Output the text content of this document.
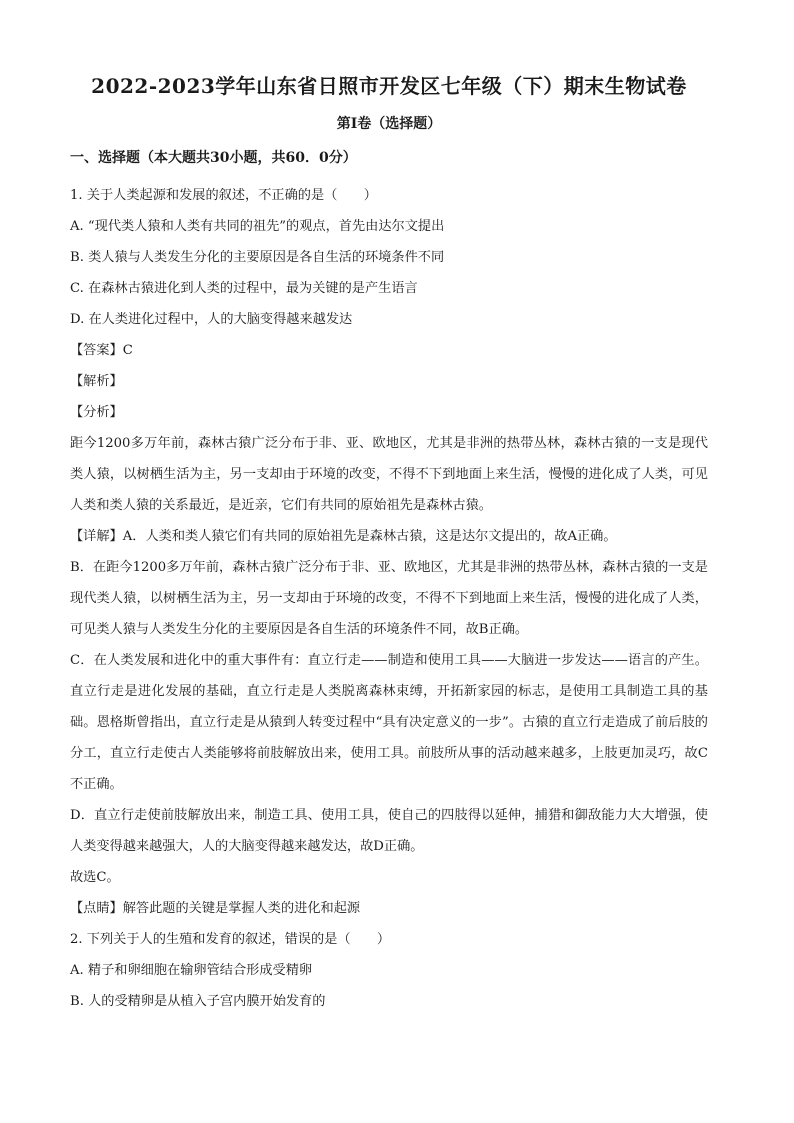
2022-2023学年山东省日照市开发区七年级（下）期末生物试卷
第I卷（选择题）
一、选择题（本大题共30小题，共60．0分）

1. 关于人类起源和发展的叙述，不正确的是（　　）

A. “现代类人猿和人类有共同的祖先”的观点，首先由达尔文提出

B. 类人猿与人类发生分化的主要原因是各自生活的环境条件不同

C. 在森林古猿进化到人类的过程中，最为关键的是产生语言

D. 在人类进化过程中，人的大脑变得越来越发达

【答案】C

【解析】

【分析】

距今1200多万年前，森林古猿广泛分布于非、亚、欧地区，尤其是非洲的热带丛林，森林古猿的一支是现代类人猿，以树栖生活为主，另一支却由于环境的改变，不得不下到地面上来生活，慢慢的进化成了人类，可见人类和类人猿的关系最近，是近亲，它们有共同的原始祖先是森林古猿。

【详解】A．人类和类人猿它们有共同的原始祖先是森林古猿，这是达尔文提出的，故A正确。

B．在距今1200多万年前，森林古猿广泛分布于非、亚、欧地区，尤其是非洲的热带丛林，森林古猿的一支是现代类人猿，以树栖生活为主，另一支却由于环境的改变，不得不下到地面上来生活，慢慢的进化成了人类，可见类人猿与人类发生分化的主要原因是各自生活的环境条件不同，故B正确。

C．在人类发展和进化中的重大事件有：直立行走——制造和使用工具——大脑进一步发达——语言的产生。直立行走是进化发展的基础，直立行走是人类脱离森林束缚，开拓新家园的标志，是使用工具制造工具的基础。恩格斯曾指出，直立行走是从猿到人转变过程中“具有决定意义的一步”。古猿的直立行走造成了前后肢的分工，直立行走使古人类能够将前肢解放出来，使用工具。前肢所从事的活动越来越多，上肢更加灵巧，故C不正确。

D．直立行走使前肢解放出来，制造工具、使用工具，使自己的四肢得以延伸，捕猎和御敌能力大大增强，使人类变得越来越强大，人的大脑变得越来越发达，故D正确。

故选C。

【点睛】解答此题的关键是掌握人类的进化和起源

2. 下列关于人的生殖和发育的叙述，错误的是（　　）

A. 精子和卵细胞在输卵管结合形成受精卵

B. 人的受精卵是从植入子宫内膜开始发育的
